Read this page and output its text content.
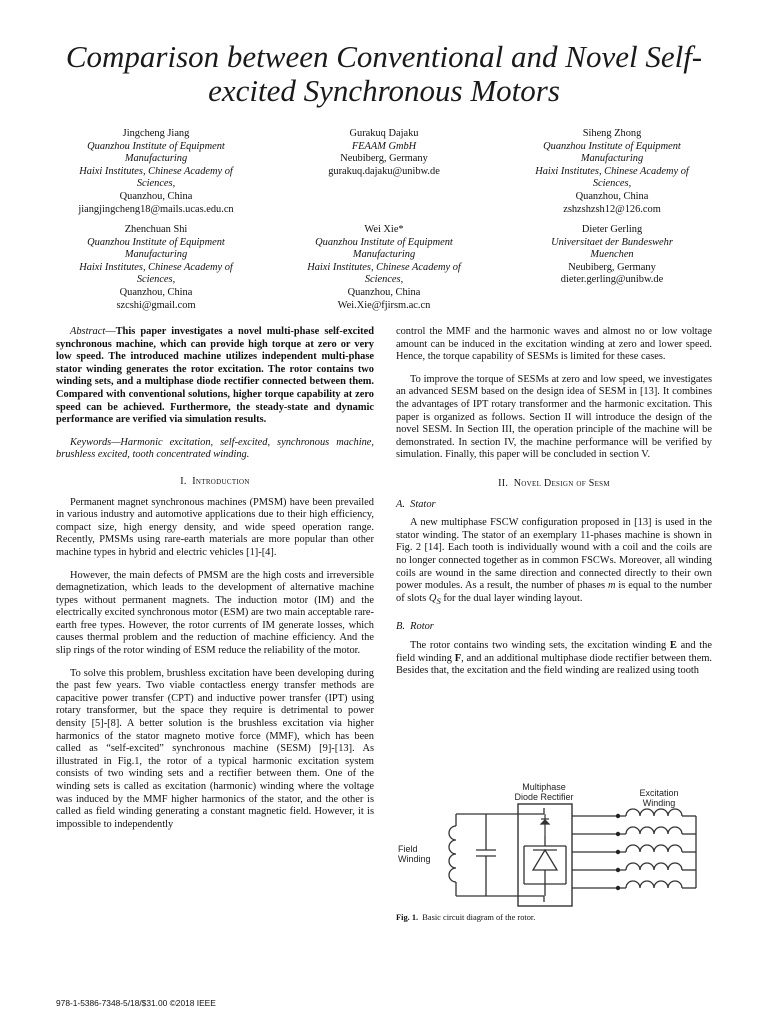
Comparison between Conventional and Novel Self-
excited Synchronous Motors
Jingcheng Jiang
Quanzhou Institute of Equipment
Manufacturing
Haixi Institutes, Chinese Academy of
Sciences,
Quanzhou, China
jiangjingcheng18@mails.ucas.edu.cn
Gurakuq Dajaku
FEAAM GmbH
Neubiberg, Germany
gurakuq.dajaku@unibw.de
Siheng Zhong
Quanzhou Institute of Equipment
Manufacturing
Haixi Institutes, Chinese Academy of
Sciences,
Quanzhou, China
zshzshzsh12@126.com
Zhenchuan Shi
Quanzhou Institute of Equipment
Manufacturing
Haixi Institutes, Chinese Academy of
Sciences,
Quanzhou, China
szcshi@gmail.com
Wei Xie*
Quanzhou Institute of Equipment
Manufacturing
Haixi Institutes, Chinese Academy of
Sciences,
Quanzhou, China
Wei.Xie@fjirsm.ac.cn
Dieter Gerling
Universitaet der Bundeswehr
Muenchen
Neubiberg, Germany
dieter.gerling@unibw.de

Abstract—This paper investigates a novel multi-phase self-excited synchronous machine, which can provide high torque at zero or very low speed. The introduced machine utilizes independent multi-phase stator winding generates the rotor excitation. The rotor contains two winding sets, and a multiphase diode rectifier connected between them. Compared with conventional solutions, higher torque capability at zero speed can be achieved. Furthermore, the steady-state and dynamic performance are verified via simulation results.

Keywords—Harmonic excitation, self-excited, synchronous machine, brushless excited, tooth concentrated winding.

I. Introduction

Permanent magnet synchronous machines (PMSM) have been prevailed in various industry and automotive applications due to their high efficiency, compact size, high energy density, and wide speed operation range. Recently, PMSMs using rare-earth materials are more popular than other machine types in hybrid and electric vehicles [1]-[4].

However, the main defects of PMSM are the high costs and irreversible demagnetization, which leads to the development of alternative machine types without permanent magnets. The induction motor (IM) and the electrically excited synchronous motor (ESM) are two main acceptable rare-earth free types. However, the rotor currents of IM generate losses, which causes thermal problem and the reduction of machine efficiency. And the slip rings of the rotor winding of ESM reduce the reliability of the motor.

To solve this problem, brushless excitation have been developing during the past few years. Two viable contactless energy transfer methods are capacitive power transfer (CPT) and inductive power transfer (IPT) using rotary transformer, but the space they require is detrimental to power density [5]-[8]. A better solution is the brushless excitation via higher harmonics of the stator magneto motive force (MMF), which has been called as “self-excited” synchronous machine (SESM) [9]-[13]. As illustrated in Fig.1, the rotor of a typical harmonic excitation system consists of two winding sets and a rectifier between them. One of the winding sets is called as excitation (harmonic) winding where the voltage was induced by the MMF higher harmonics of the stator, and the other is called as field winding generating a constant magnetic field. However, it is impossible to independently

control the MMF and the harmonic waves and almost no or low voltage amount can be induced in the excitation winding at zero and lower speed. Hence, the torque capability of SESMs is limited for these cases.

To improve the torque of SESMs at zero and low speed, we investigates an advanced SESM based on the design idea of SESM in [13]. It combines the advantages of IPT rotary transformer and the harmonic excitation. This paper is organized as follows. Section II will introduce the design of the novel SESM. In Section III, the operation principle of the machine will be demonstrated. In section IV, the machine performance will be verified by simulation. Finally, this paper will be concluded in section V.

II. Novel Design of Sesm

A. Stator

A new multiphase FSCW configuration proposed in [13] is used in the stator winding. The stator of an exemplary 11-phases machine is shown in Fig. 2 [14]. Each tooth is individually wound with a coil and the coils are no longer connected together as in common FSCWs. Moreover, all winding coils are wound in the same direction and connected directly to their own power modules. As a result, the number of phases m is equal to the number of slots $Q_S$ for the dual layer winding layout.

B. Rotor

The rotor contains two winding sets, the excitation winding E and the field winding F, and an additional multiphase diode rectifier between them. Besides that, the excitation and the field winding are realized using tooth

Multiphase
Diode Rectifier	Excitation
Winding
Field
Winding
Fig. 1. Basic circuit diagram of the rotor.
978-1-5386-7348-5/18/$31.00 ©2018 IEEE
